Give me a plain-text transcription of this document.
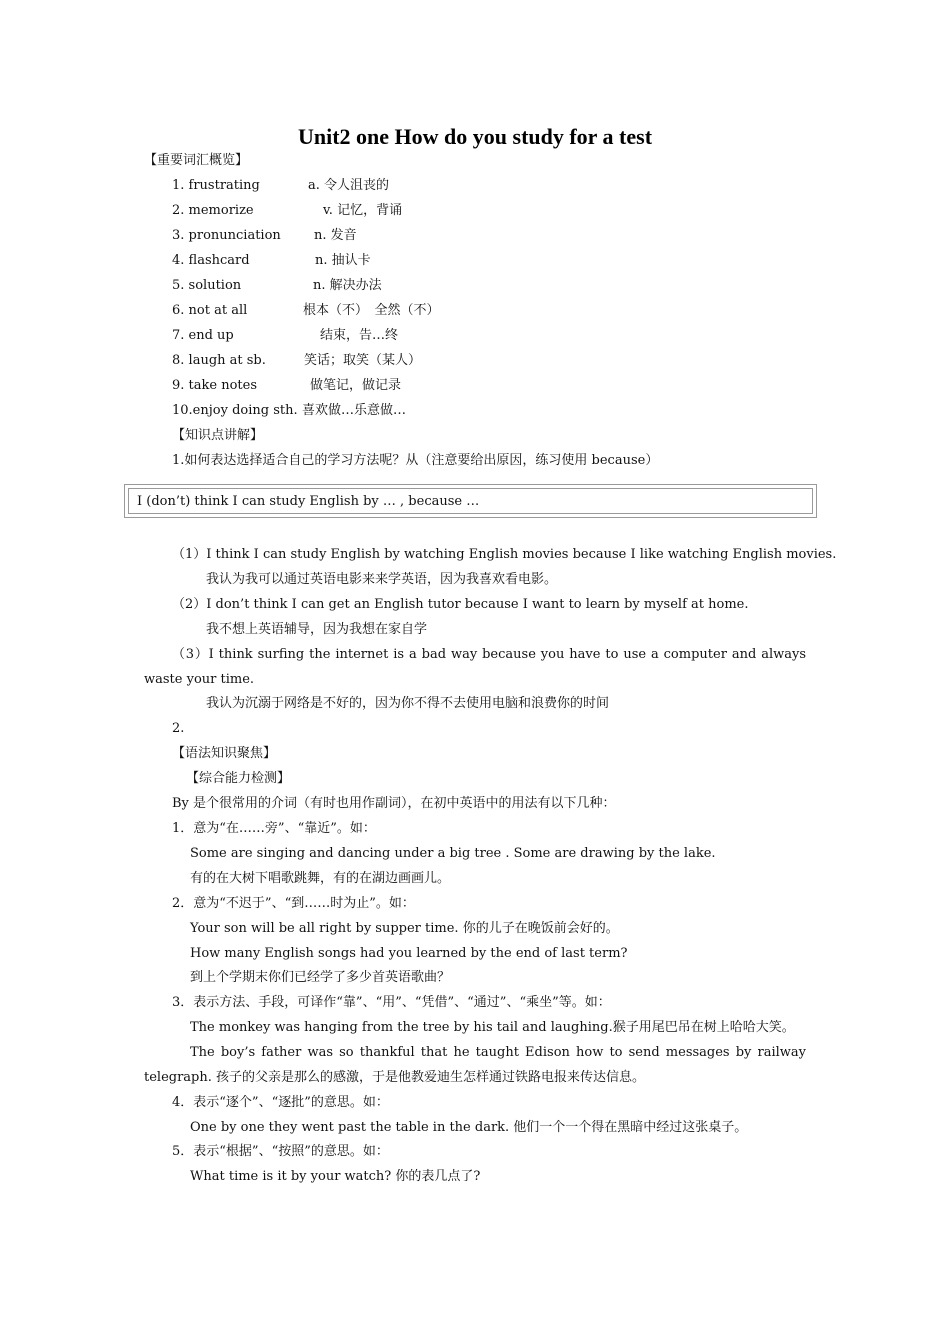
Unit2 one How do you study for a test
【重要词汇概览】
1. frustrating	a. 令人沮丧的
2. memorize	v. 记忆，背诵
3. pronunciation	n. 发音
4. flashcard	n. 抽认卡
5. solution	n. 解决办法
6. not at all	根本（不）　全然（不）
7. end up	结束，告…终
8. laugh at sb.	笑话；取笑（某人）
9. take notes	做笔记，做记录
10.enjoy doing sth. 喜欢做…乐意做…
【知识点讲解】
1.如何表达选择适合自己的学习方法呢？从（注意要给出原因，练习使用 because）
I (don’t) think I can study English by … , because …
（1）I think I can study English by watching English movies because I like watching English movies.
我认为我可以通过英语电影来来学英语，因为我喜欢看电影。
（2）I don’t think I can get an English tutor because I want to learn by myself at home.
我不想上英语辅导，因为我想在家自学
（3）I think surfing the internet is a bad way because you have to use a computer and always waste your time.
我认为沉溺于网络是不好的，因为你不得不去使用电脑和浪费你的时间
2.
【语法知识聚焦】
【综合能力检测】
By 是个很常用的介词（有时也用作副词），在初中英语中的用法有以下几种：
1．意为“在……旁”、“靠近”。如：
Some are singing and dancing under a big tree . Some are drawing by the lake.
有的在大树下唱歌跳舞，有的在湖边画画儿。
2．意为“不迟于”、“到……时为止”。如：
Your son will be all right by supper time. 你的儿子在晚饭前会好的。
How many English songs had you learned by the end of last term?
到上个学期末你们已经学了多少首英语歌曲？
3．表示方法、手段，可译作“靠”、“用”、“凭借”、“通过”、“乘坐”等。如：
The monkey was hanging from the tree by his tail and laughing.猴子用尾巴吊在树上哈哈大笑。
The boy’s father was so thankful that he taught Edison how to send messages by railway telegraph. 孩子的父亲是那么的感激，于是他教爱迪生怎样通过铁路电报来传达信息。
4．表示“逐个”、“逐批”的意思。如：
One by one they went past the table in the dark. 他们一个一个得在黑暗中经过这张桌子。
5．表示“根据”、“按照”的意思。如：
What time is it by your watch? 你的表几点了?
